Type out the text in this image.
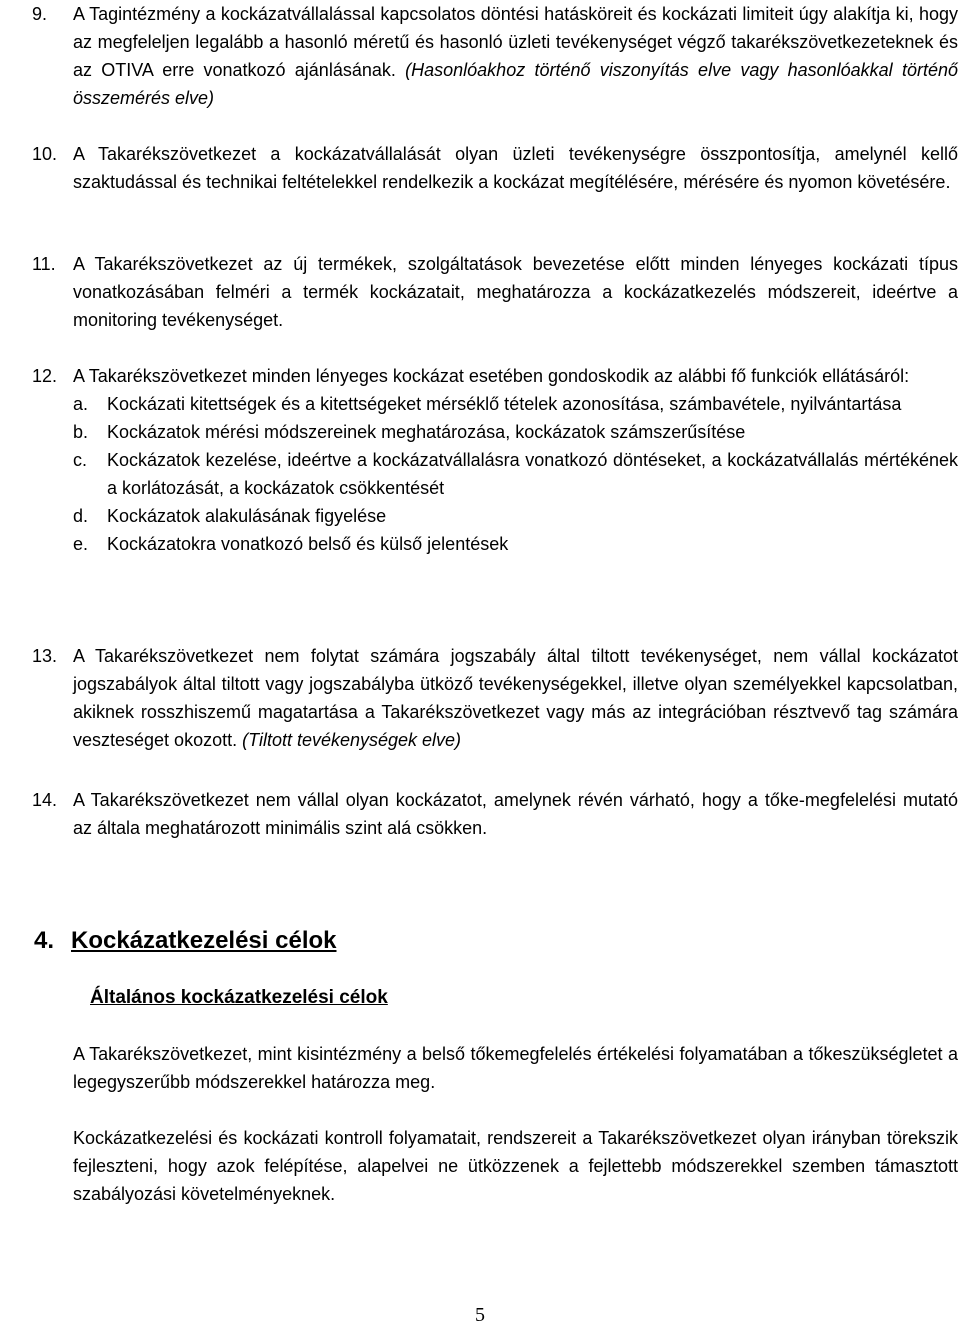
9.	A Tagintézmény a kockázatvállalással kapcsolatos döntési hatásköreit és kockázati limiteit úgy alakítja ki, hogy az megfeleljen legalább a hasonló méretű és hasonló üzleti tevékenységet végző takarékszövetkezeteknek és az OTIVA erre vonatkozó ajánlásának. (Hasonlóakhoz történő viszonyítás elve vagy hasonlóakkal történő összemérés elve)
10. A Takarékszövetkezet a kockázatvállalását olyan üzleti tevékenységre összpontosítja, amelynél kellő szaktudással és technikai feltételekkel rendelkezik a kockázat megítélésére, mérésére és nyomon követésére.
11. A Takarékszövetkezet az új termékek, szolgáltatások bevezetése előtt minden lényeges kockázati típus vonatkozásában felméri a termék kockázatait, meghatározza a kockázatkezelés módszereit, ideértve a monitoring tevékenységet.
12. A Takarékszövetkezet minden lényeges kockázat esetében gondoskodik az alábbi fő funkciók ellátásáról:
a. Kockázati kitettségek és a kitettségeket mérséklő tételek azonosítása, számbavétele, nyilvántartása
b. Kockázatok mérési módszereinek meghatározása, kockázatok számszerűsítése
c. Kockázatok kezelése, ideértve a kockázatvállalásra vonatkozó döntéseket, a kockázatvállalás mértékének a korlátozását, a kockázatok csökkentését
d. Kockázatok alakulásának figyelése
e. Kockázatokra vonatkozó belső és külső jelentések
13. A Takarékszövetkezet nem folytat számára jogszabály által tiltott tevékenységet, nem vállal kockázatot jogszabályok által tiltott vagy jogszabályba ütköző tevékenységekkel, illetve olyan személyekkel kapcsolatban, akiknek rosszhiszemű magatartása a Takarékszövetkezet vagy más az integrációban résztvevő tag számára veszteséget okozott. (Tiltott tevékenységek elve)
14. A Takarékszövetkezet nem vállal olyan kockázatot, amelynek révén várható, hogy a tőke-megfelelési mutató az általa meghatározott minimális szint alá csökken.
4. Kockázatkezelési célok
Általános kockázatkezelési célok
A Takarékszövetkezet, mint kisintézmény a belső tőkemegfelelés értékelési folyamatában a tőkeszükségletet a legegyszerűbb módszerekkel határozza meg.
Kockázatkezelési és kockázati kontroll folyamatait, rendszereit a Takarékszövetkezet olyan irányban törekszik fejleszteni, hogy azok felépítése, alapelvei ne ütközzenek a fejlettebb módszerekkel szemben támasztott szabályozási követelményeknek.
5
